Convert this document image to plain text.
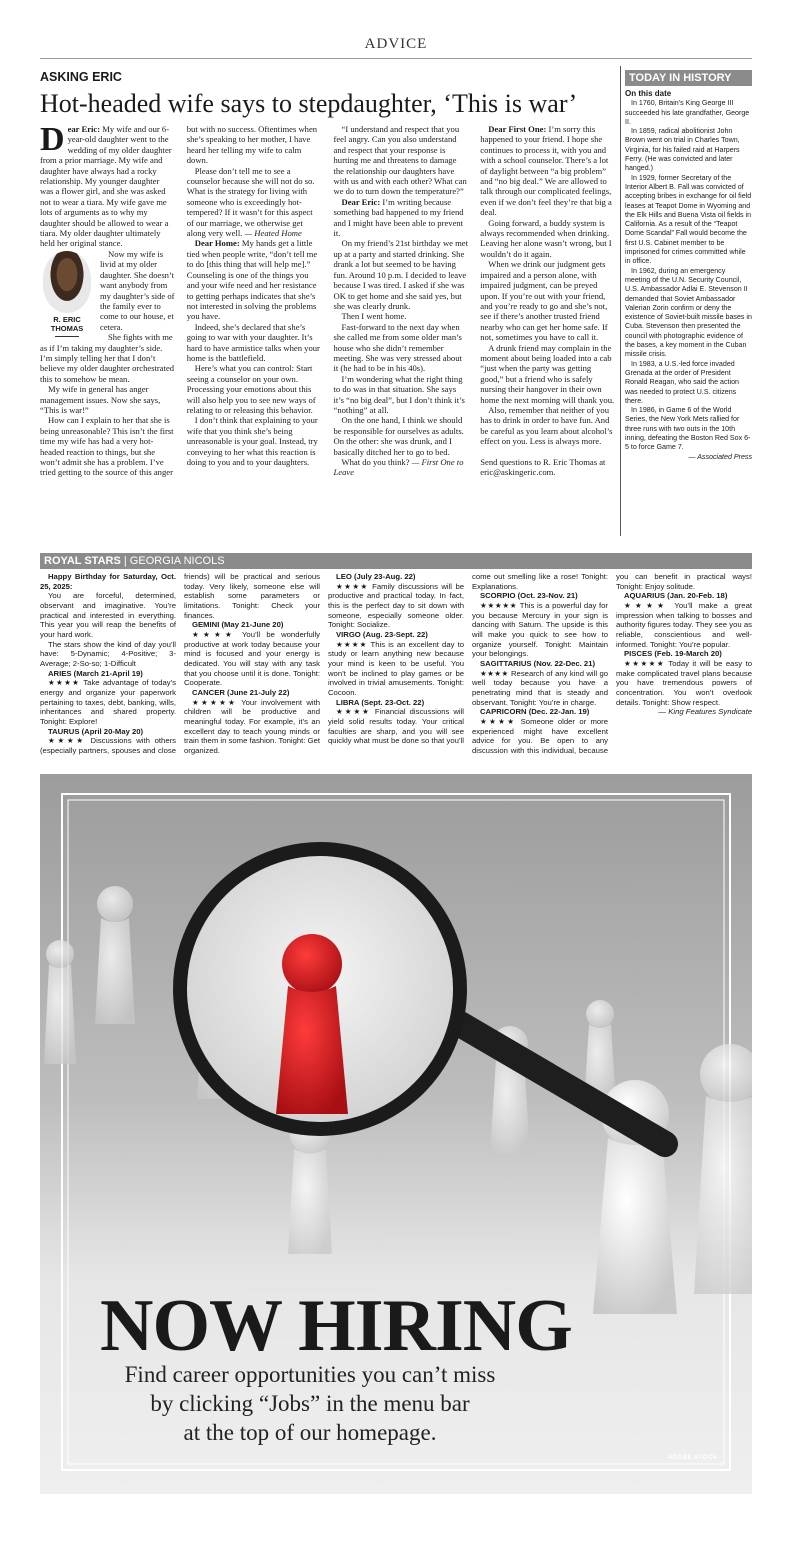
ADVICE
ASKING ERIC
Hot-headed wife says to stepdaughter, ‘This is war’

Dear Eric: My wife and our 6-year-old daughter went to the wedding of my older daughter from a prior marriage. My wife and daughter have always had a rocky relationship. My younger daughter was a flower girl, and she was asked not to wear a tiara. My wife gave me lots of arguments as to why my daughter should be allowed to wear a tiara. My older daughter ultimately held her original stance.

R. ERIC THOMAS

Now my wife is livid at my older daughter. She doesn’t want anybody from my daughter’s side of the family ever to come to our house, et cetera.

She fights with me as if I’m taking my daughter’s side. I’m simply telling her that I don’t believe my older daughter orchestrated this to somehow be mean.

My wife in general has anger management issues. Now she says, “This is war!”

How can I explain to her that she is being unreasonable? This isn’t the first time my wife has had a very hot-headed reaction to things, but she won’t admit she has a problem. I’ve tried getting to the source of this anger but with no success. Oftentimes when she’s speaking to her mother, I have heard her telling my wife to calm down.

Please don’t tell me to see a counselor because she will not do so. What is the strategy for living with someone who is exceedingly hot-tempered? If it wasn’t for this aspect of our marriage, we otherwise get along very well. — Heated Home

Dear Home: My hands get a little tied when people write, “don’t tell me to do [this thing that will help me].” Counseling is one of the things you and your wife need and her resistance to getting perhaps indicates that she’s not interested in solving the problems you have.

Indeed, she’s declared that she’s going to war with your daughter. It’s hard to have armistice talks when your home is the battlefield.

Here’s what you can control: Start seeing a counselor on your own. Processing your emotions about this will also help you to see new ways of relating to or releasing this behavior.

I don’t think that explaining to your wife that you think she’s being unreasonable is your goal. Instead, try conveying to her what this reaction is doing to you and to your daughters.

“I understand and respect that you feel angry. Can you also understand and respect that your response is hurting me and threatens to damage the relationship our daughters have with us and with each other? What can we do to turn down the temperature?”

Dear Eric: I’m writing because something bad happened to my friend and I might have been able to prevent it.

On my friend’s 21st birthday we met up at a party and started drinking. She drank a lot but seemed to be having fun. Around 10 p.m. I decided to leave because I was tired. I asked if she was OK to get home and she said yes, but she was clearly drunk.

Then I went home.

Fast-forward to the next day when she called me from some older man’s house who she didn’t remember meeting. She was very stressed about it (he had to be in his 40s).

I’m wondering what the right thing to do was in that situation. She says it’s “no big deal”, but I don’t think it’s “nothing” at all.

On the one hand, I think we should be responsible for ourselves as adults. On the other: she was drunk, and I basically ditched her to go to bed.

What do you think? — First One to Leave

Dear First One: I’m sorry this happened to your friend. I hope she continues to process it, with you and with a school counselor. There’s a lot of daylight between “a big problem” and “no big deal.” We are allowed to talk through our complicated feelings, even if we don’t feel they’re that big a deal.

Going forward, a buddy system is always recommended when drinking. Leaving her alone wasn’t wrong, but I wouldn’t do it again.

When we drink our judgment gets impaired and a person alone, with impaired judgment, can be preyed upon. If you’re out with your friend, and you’re ready to go and she’s not, see if there’s another trusted friend nearby who can get her home safe. If not, sometimes you have to call it.

A drunk friend may complain in the moment about being loaded into a cab “just when the party was getting good,” but a friend who is safely nursing their hangover in their own home the next morning will thank you.

Also, remember that neither of you has to drink in order to have fun. And be careful as you learn about alcohol’s effect on you. Less is always more.

Send questions to R. Eric Thomas at eric@askingeric.com.

TODAY IN HISTORY
On this date

In 1760, Britain’s King George III succeeded his late grandfather, George II.

In 1859, radical abolitionist John Brown went on trial in Charles Town, Virginia, for his failed raid at Harpers Ferry. (He was convicted and later hanged.)

In 1929, former Secretary of the Interior Albert B. Fall was convicted of accepting bribes in exchange for oil field leases at Teapot Dome in Wyoming and the Elk Hills and Buena Vista oil fields in California. As a result of the “Teapot Dome Scandal” Fall would become the first U.S. Cabinet member to be imprisoned for crimes committed while in office.

In 1962, during an emergency meeting of the U.N. Security Council, U.S. Ambassador Adlai E. Stevenson II demanded that Soviet Ambassador Valerian Zorin confirm or deny the existence of Soviet-built missile bases in Cuba. Stevenson then presented the council with photographic evidence of the bases, a key moment in the Cuban missile crisis.

In 1983, a U.S.-led force invaded Grenada at the order of President Ronald Reagan, who said the action was needed to protect U.S. citizens there.

In 1986, in Game 6 of the World Series, the New York Mets rallied for three runs with two outs in the 10th inning, defeating the Boston Red Sox 6-5 to force Game 7.

— Associated Press
ROYAL STARS | GEORGIA NICOLS

Happy Birthday for Saturday, Oct. 25, 2025:

You are forceful, determined, observant and imaginative. You’re practical and interested in everything. This year you will reap the benefits of your hard work.

The stars show the kind of day you’ll have: 5-Dynamic; 4-Positive; 3-Average; 2-So-so; 1-Difficult

ARIES (March 21-April 19)

★★★★ Take advantage of today’s energy and organize your paperwork pertaining to taxes, debt, banking, wills, inheritances and shared property. Tonight: Explore!

TAURUS (April 20-May 20)

★★★★ Discussions with others (especially partners, spouses and close friends) will be practical and serious today. Very likely, someone else will establish some parameters or limitations. Tonight: Check your finances.

GEMINI (May 21-June 20)

★★★★ You’ll be wonderfully productive at work today because your mind is focused and your energy is dedicated. You will stay with any task that you choose until it is done. Tonight: Cooperate.

CANCER (June 21-July 22)

★★★★★ Your involvement with children will be productive and meaningful today. For example, it’s an excellent day to teach young minds or train them in some fashion. Tonight: Get organized.

LEO (July 23-Aug. 22)

★★★★ Family discussions will be productive and practical today. In fact, this is the perfect day to sit down with someone, especially someone older. Tonight: Socialize.

VIRGO (Aug. 23-Sept. 22)

★★★★ This is an excellent day to study or learn anything new because your mind is keen to be useful. You won’t be inclined to play games or be involved in trivial amusements. Tonight: Cocoon.

LIBRA (Sept. 23-Oct. 22)

★★★★ Financial discussions will yield solid results today. Your critical faculties are sharp, and you will see quickly what must be done so that you’ll come out smelling like a rose! Tonight: Explanations.

SCORPIO (Oct. 23-Nov. 21)

★★★★★ This is a powerful day for you because Mercury in your sign is dancing with Saturn. The upside is this will make you quick to see how to organize yourself. Tonight: Maintain your belongings.

SAGITTARIUS (Nov. 22-Dec. 21)

★★★★ Research of any kind will go well today because you have a penetrating mind that is steady and observant. Tonight: You’re in charge.

CAPRICORN (Dec. 22-Jan. 19)

★★★★ Someone older or more experienced might have excellent advice for you. Be open to any discussion with this individual, because you can benefit in practical ways! Tonight: Enjoy solitude.

AQUARIUS (Jan. 20-Feb. 18)

★★★★ You’ll make a great impression when talking to bosses and authority figures today. They see you as reliable, conscientious and well-informed. Tonight: You’re popular.

PISCES (Feb. 19-March 20)

★★★★★ Today it will be easy to make complicated travel plans because you have tremendous powers of concentration. You won’t overlook details. Tonight: Show respect.

— King Features Syndicate

NOW HIRING
Find career opportunities you can’t miss
by clicking “Jobs” in the menu bar
at the top of our homepage.
ADOBE STOCK
